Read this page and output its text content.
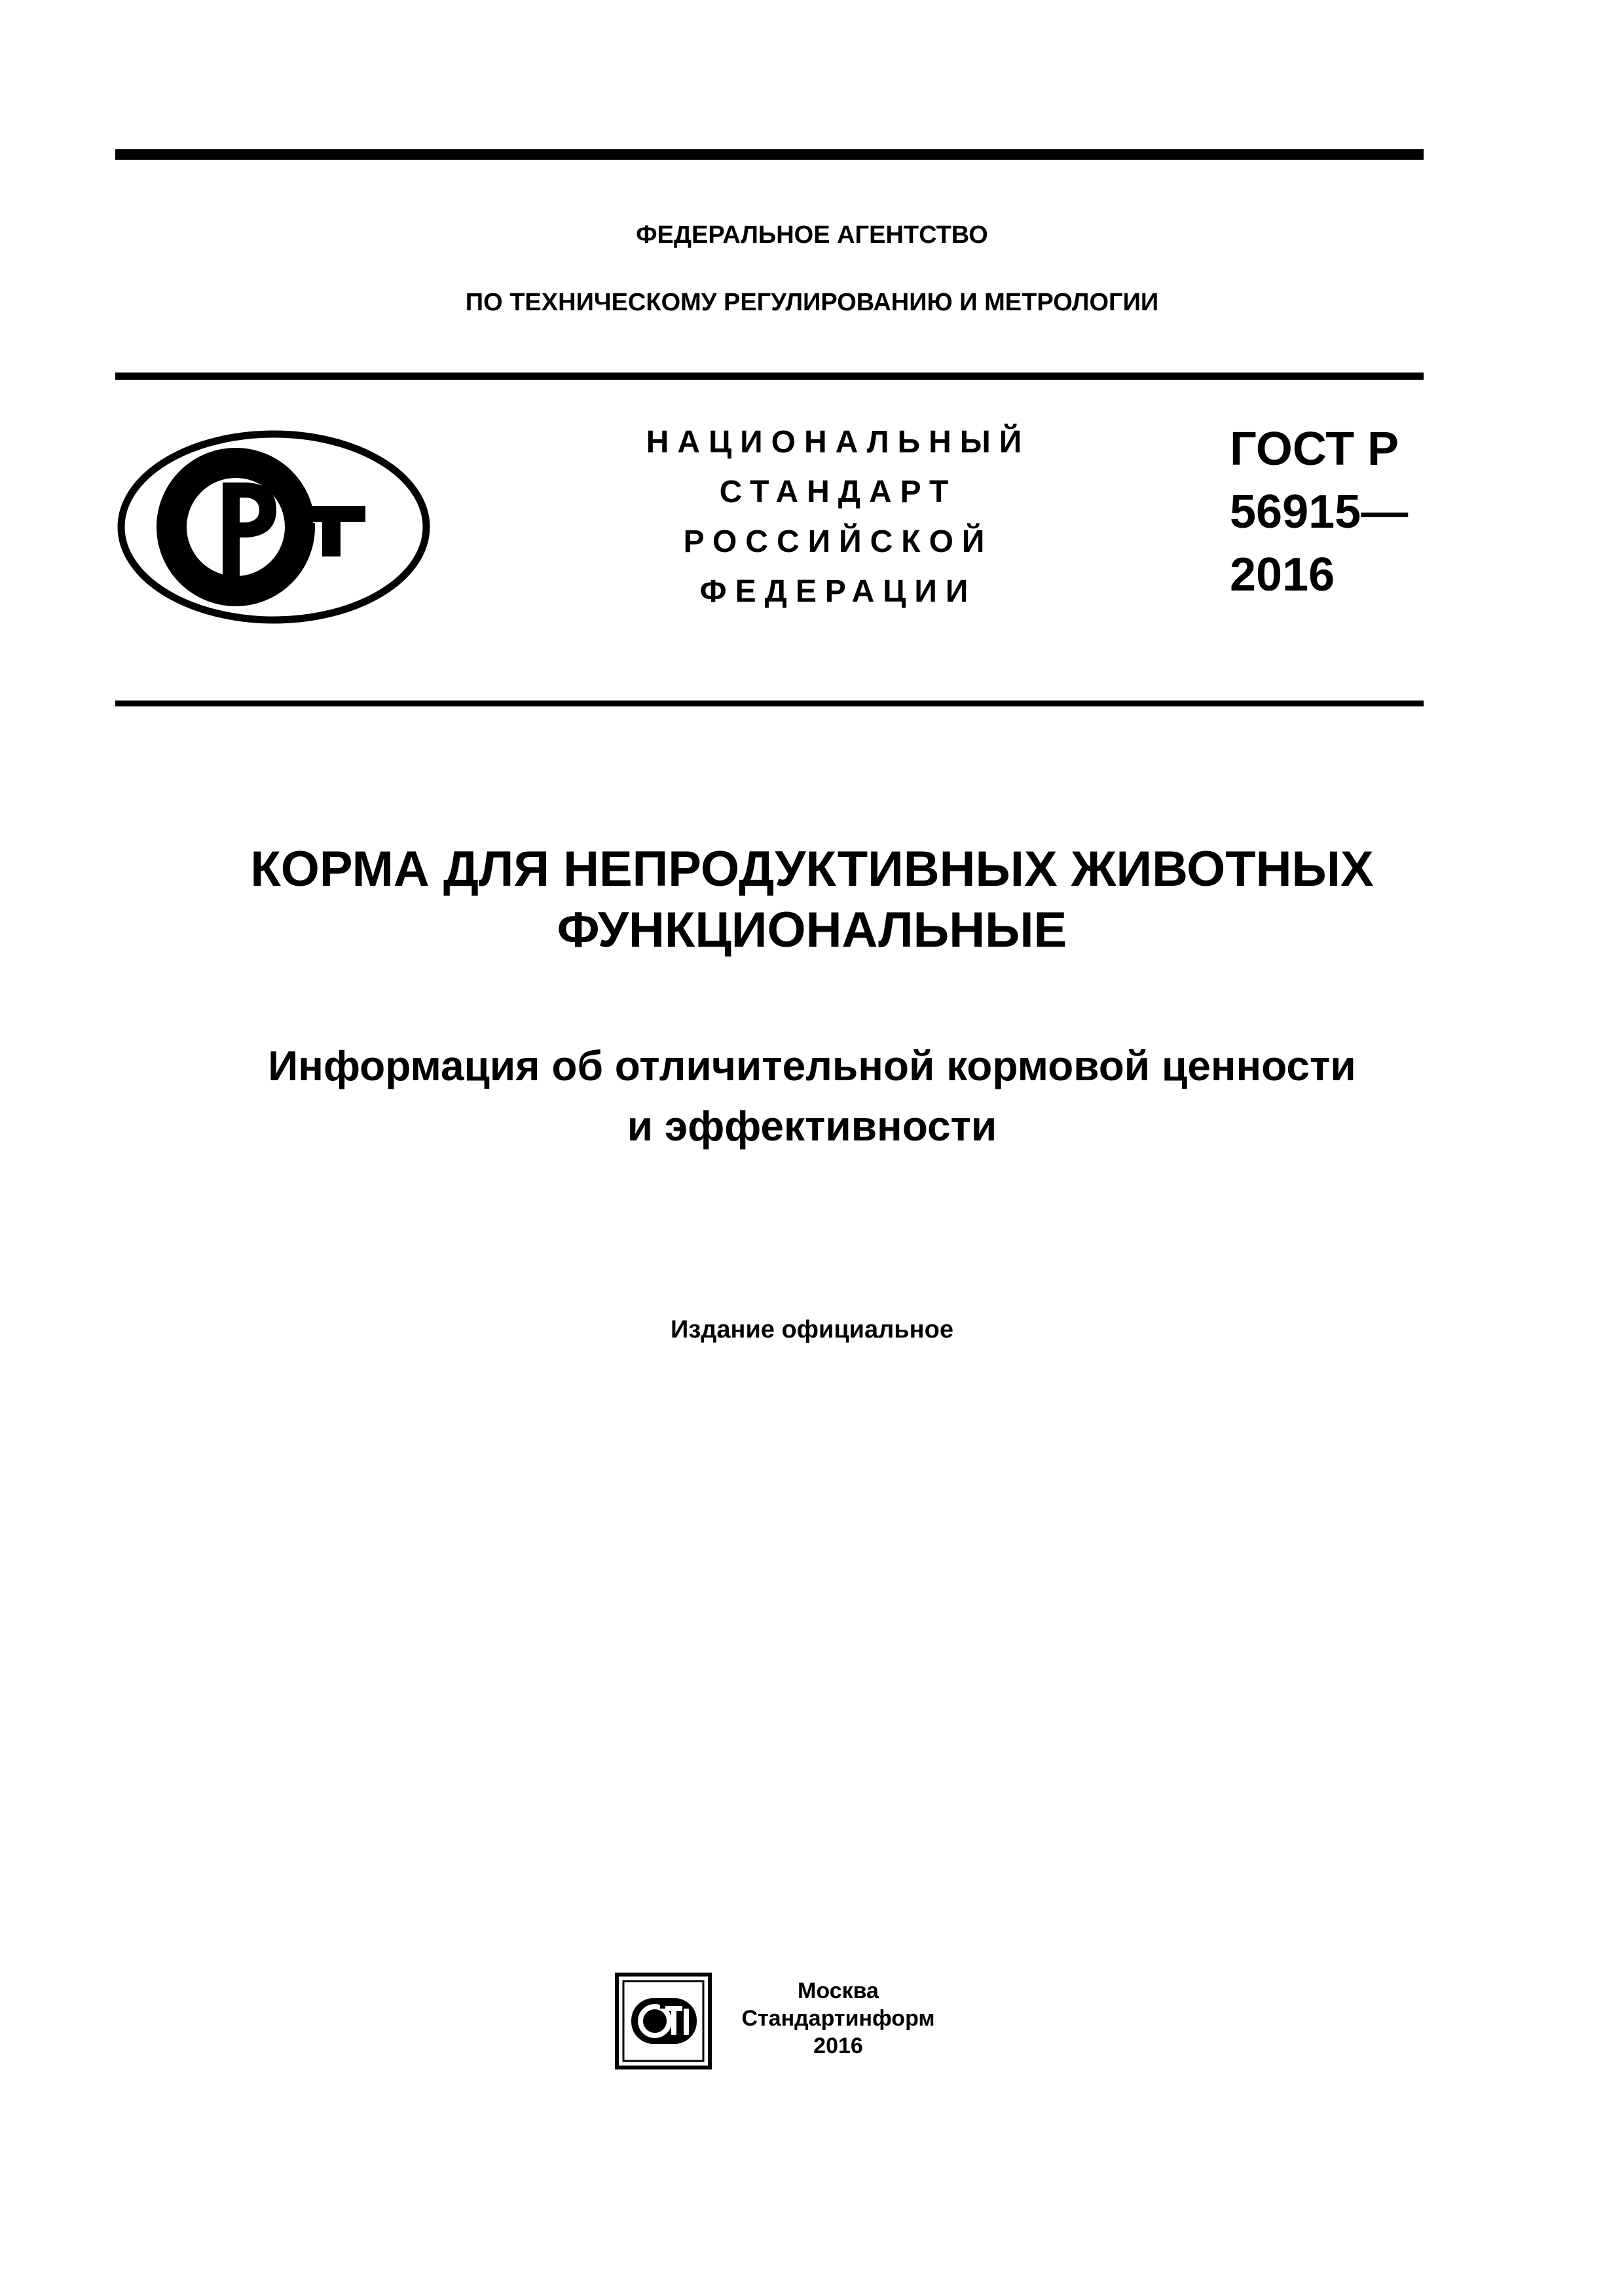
ФЕДЕРАЛЬНОЕ АГЕНТСТВО
ПО ТЕХНИЧЕСКОМУ РЕГУЛИРОВАНИЮ И МЕТРОЛОГИИ
НАЦИОНАЛЬНЫЙ
СТАНДАРТ
РОССИЙСКОЙ
ФЕДЕРАЦИИ
ГОСТ Р
56915—
2016
КОРМА ДЛЯ НЕПРОДУКТИВНЫХ ЖИВОТНЫХ
ФУНКЦИОНАЛЬНЫЕ
Информация об отличительной кормовой ценности
и эффективности
Издание официальное
Москва
Стандартинформ
2016
